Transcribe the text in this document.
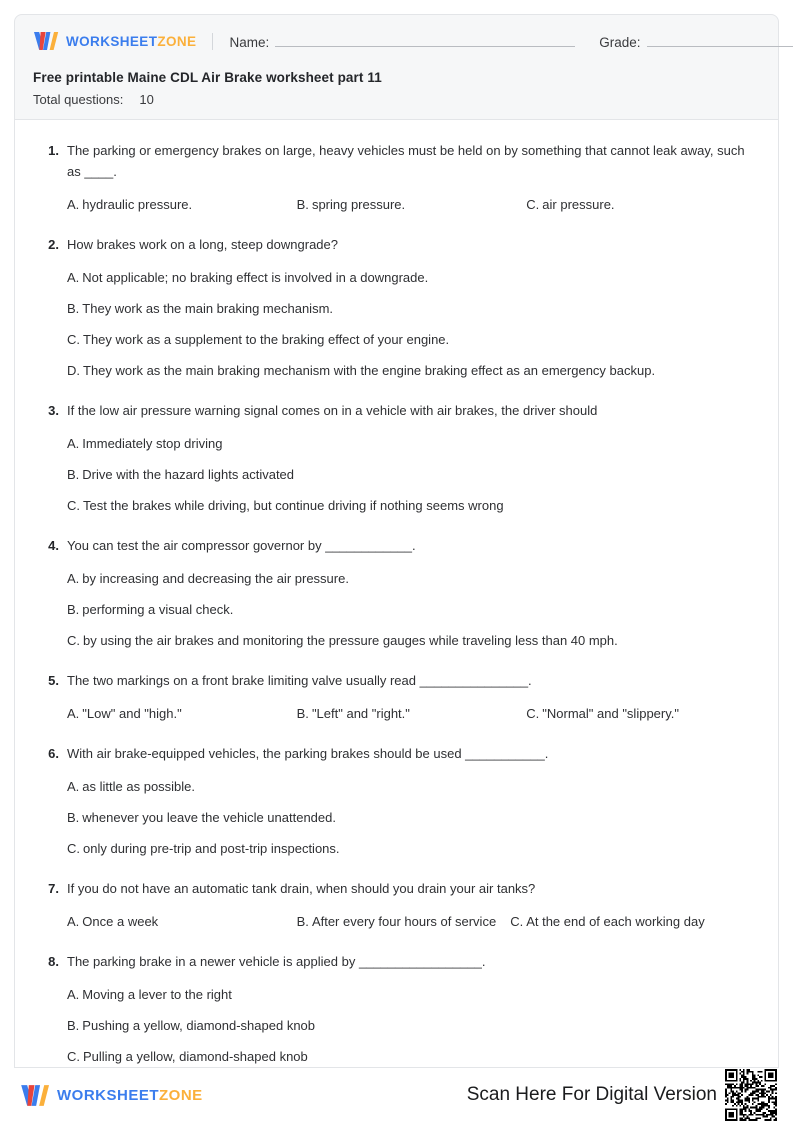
WORKSHEETZONE Name:	Grade:
Free printable Maine CDL Air Brake worksheet part 11
Total questions: 10
1. The parking or emergency brakes on large, heavy vehicles must be held on by something that cannot leak away, such as ____.
A. hydraulic pressure.	B. spring pressure.	C. air pressure.
2. How brakes work on a long, steep downgrade?
A. Not applicable; no braking effect is involved in a downgrade.
B. They work as the main braking mechanism.
C. They work as a supplement to the braking effect of your engine.
D. They work as the main braking mechanism with the engine braking effect as an emergency backup.
3. If the low air pressure warning signal comes on in a vehicle with air brakes, the driver should
A. Immediately stop driving
B. Drive with the hazard lights activated
C. Test the brakes while driving, but continue driving if nothing seems wrong
4. You can test the air compressor governor by ____________.
A. by increasing and decreasing the air pressure.
B. performing a visual check.
C. by using the air brakes and monitoring the pressure gauges while traveling less than 40 mph.
5. The two markings on a front brake limiting valve usually read _______________.
A. "Low" and "high."	B. "Left" and "right."	C. "Normal" and "slippery."
6. With air brake-equipped vehicles, the parking brakes should be used ___________.
A. as little as possible.
B. whenever you leave the vehicle unattended.
C. only during pre-trip and post-trip inspections.
7. If you do not have an automatic tank drain, when should you drain your air tanks?
A. Once a week	B. After every four hours of service C. At the end of each working day
8. The parking brake in a newer vehicle is applied by _________________.
A. Moving a lever to the right
B. Pushing a yellow, diamond-shaped knob
C. Pulling a yellow, diamond-shaped knob
WORKSHEETZONE	Scan Here For Digital Version
